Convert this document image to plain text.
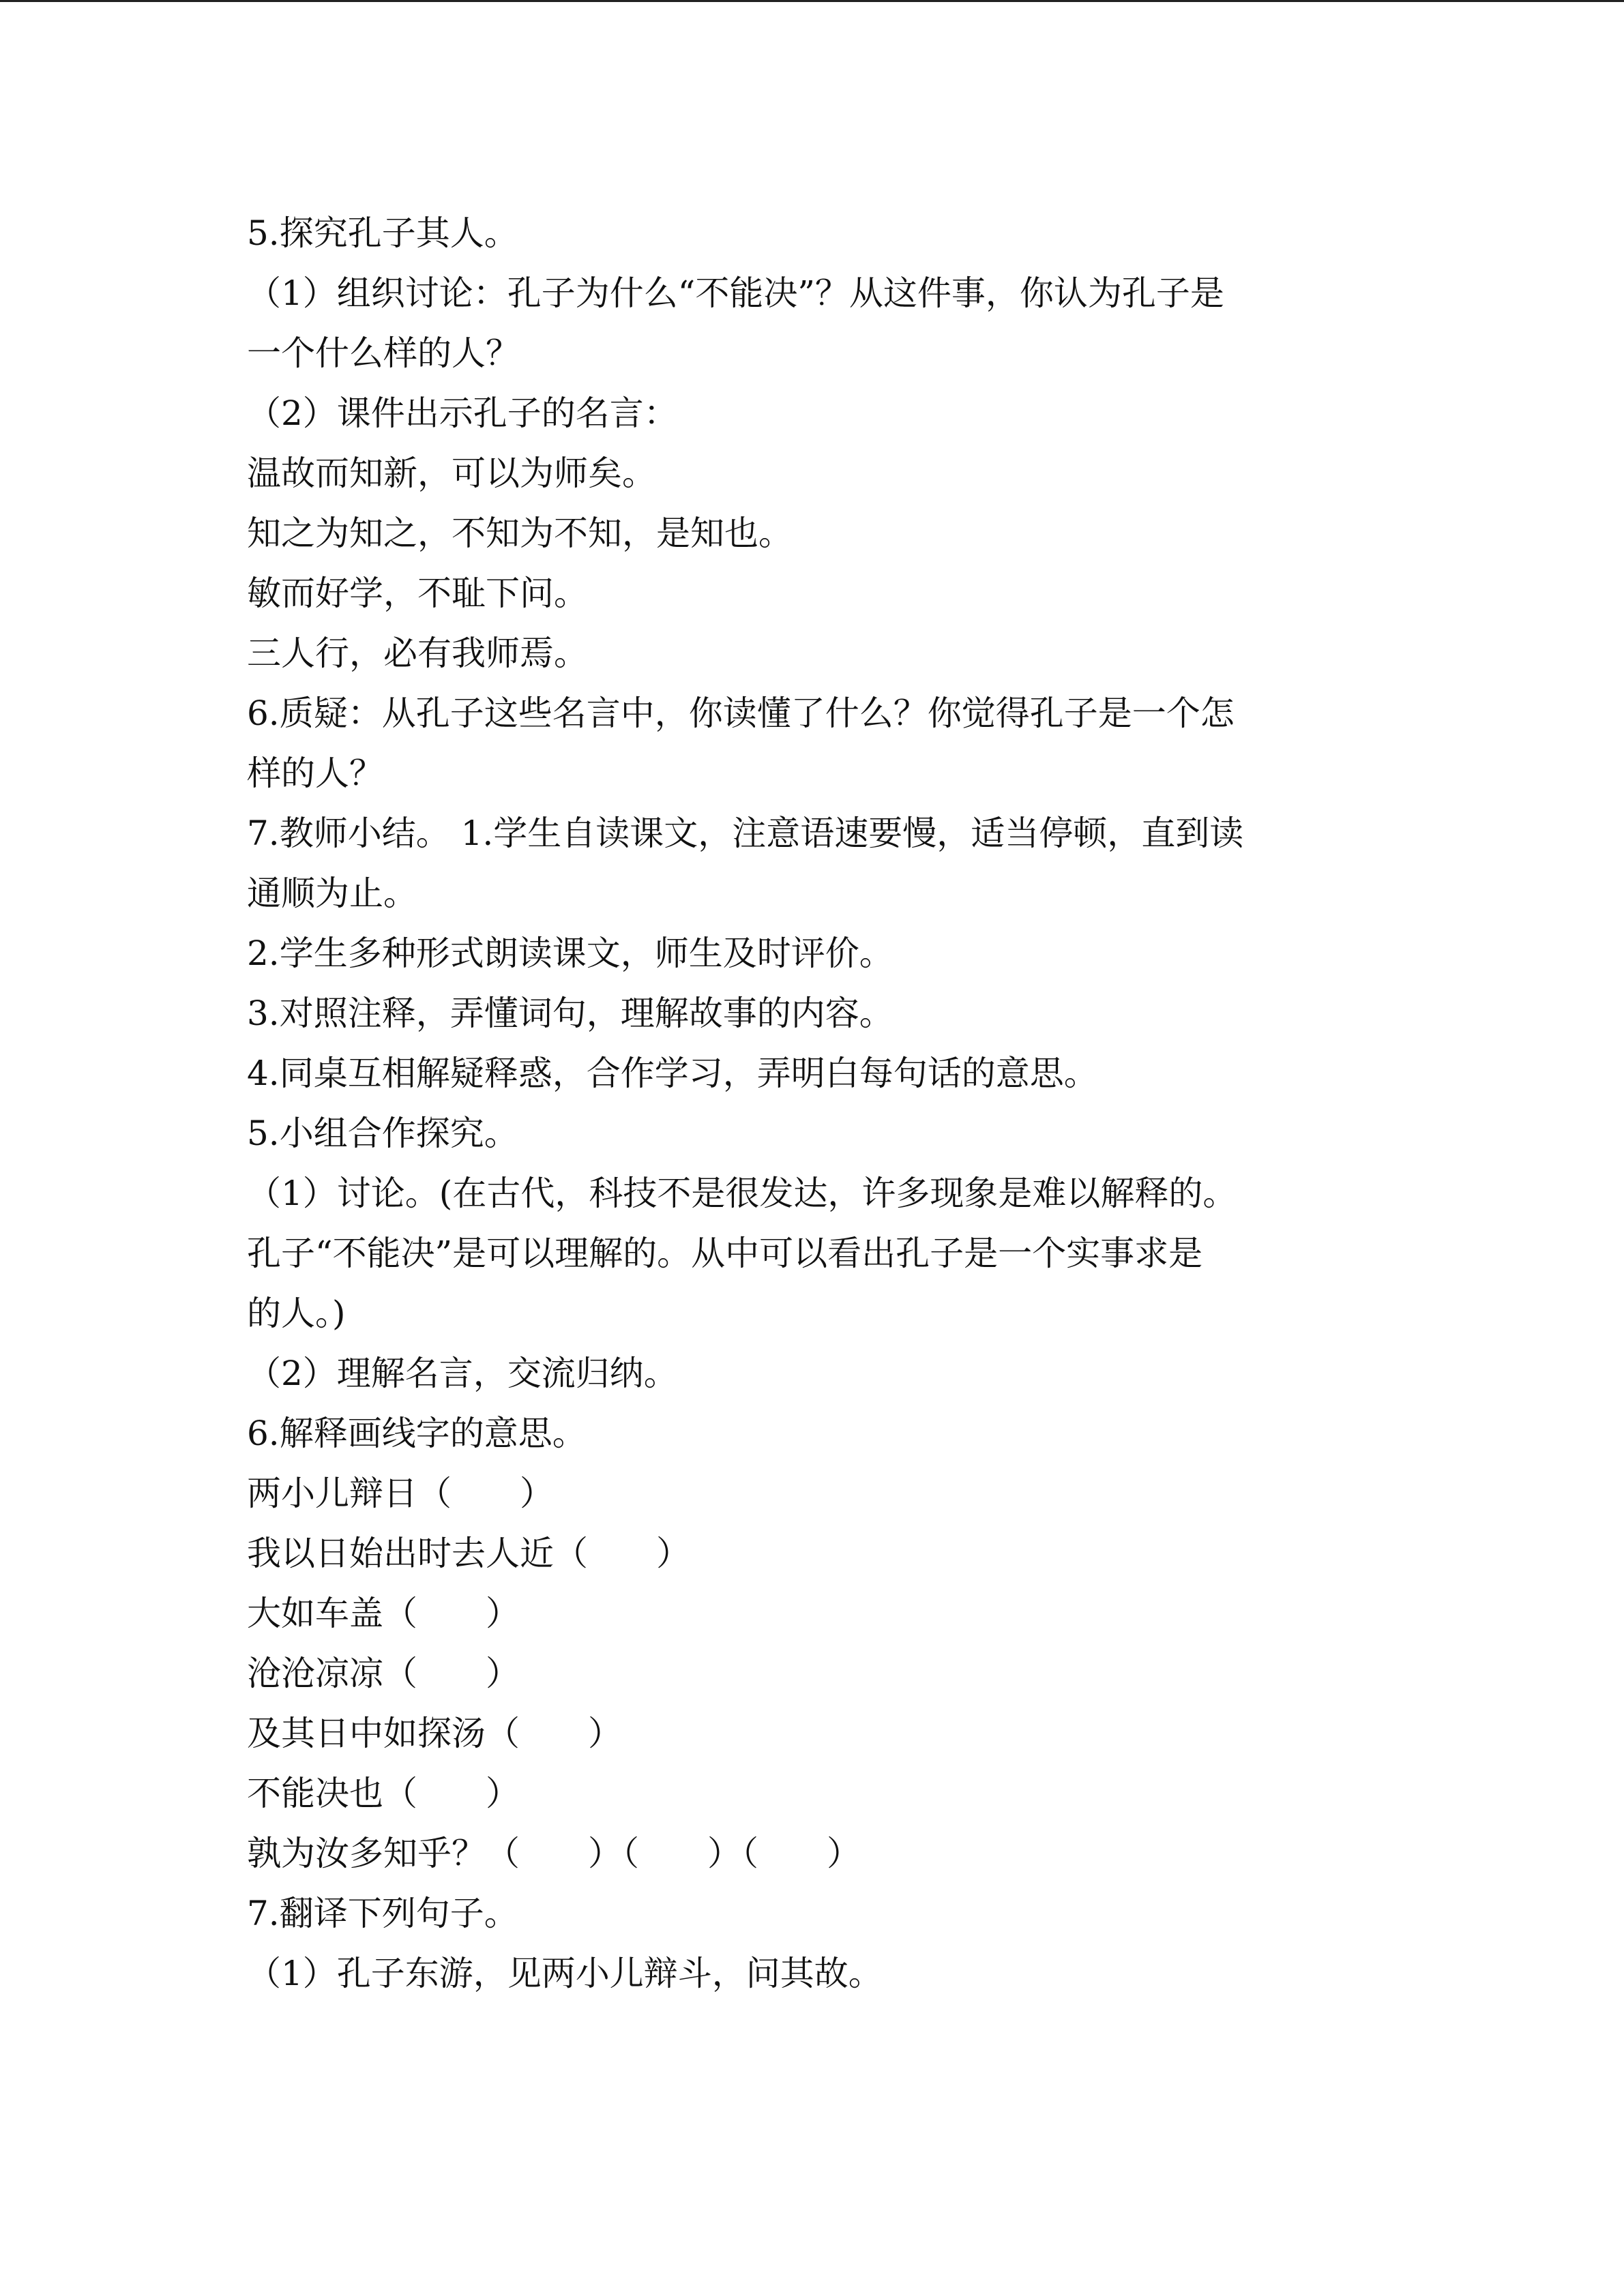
5.探究孔子其人。
（1）组织讨论：孔子为什么“不能决”？从这件事，你认为孔子是
一个什么样的人？
（2）课件出示孔子的名言：
温故而知新，可以为师矣。
知之为知之，不知为不知，是知也。
敏而好学，不耻下问。
三人行，必有我师焉。
6.质疑：从孔子这些名言中，你读懂了什么？你觉得孔子是一个怎
样的人？
7.教师小结。 1.学生自读课文，注意语速要慢，适当停顿，直到读
通顺为止。
2.学生多种形式朗读课文，师生及时评价。
3.对照注释，弄懂词句，理解故事的内容。
4.同桌互相解疑释惑，合作学习，弄明白每句话的意思。
5.小组合作探究。
（1）讨论。(在古代，科技不是很发达，许多现象是难以解释的。
孔子“不能决”是可以理解的。从中可以看出孔子是一个实事求是
的人。)
（2）理解名言，交流归纳。
6.解释画线字的意思。
两小儿辩日（　　）
我以日始出时去人近（　　）
大如车盖（　　）
沧沧凉凉（　　）
及其日中如探汤（　　）
不能决也（　　）
孰为汝多知乎？（　　）（　　）（　　）
7.翻译下列句子。
（1）孔子东游，见两小儿辩斗，问其故。
